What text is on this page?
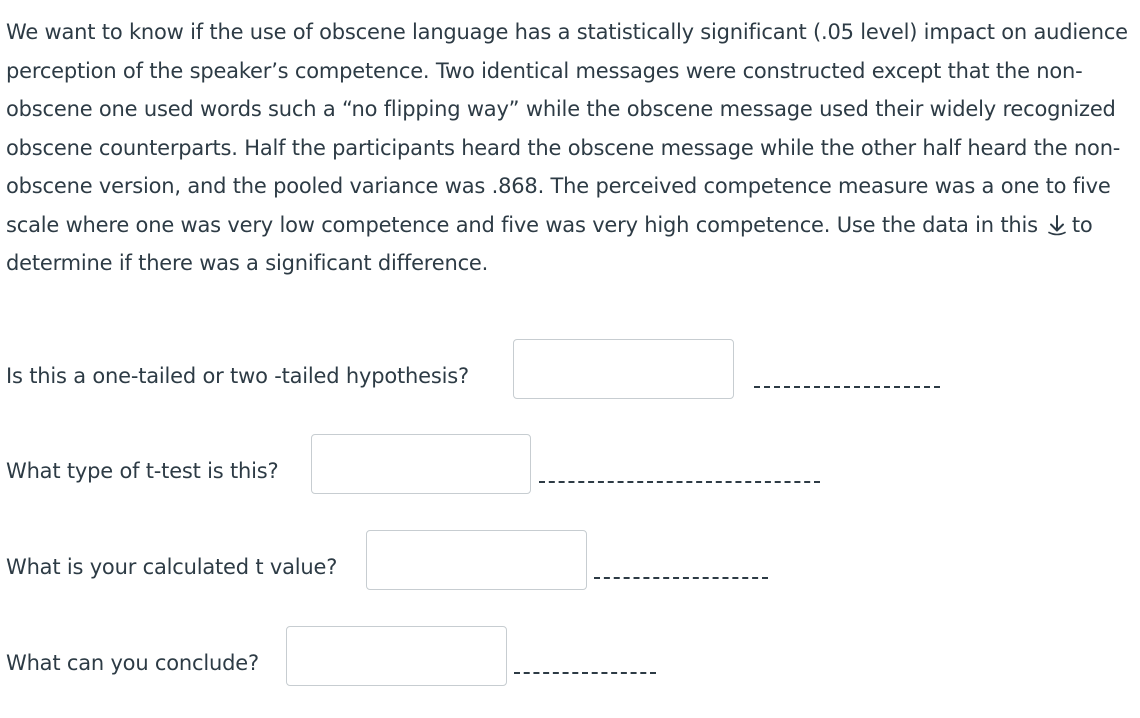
We want to know if the use of obscene language has a statistically significant (.05 level) impact on audience perception of the speaker’s competence. Two identical messages were constructed except that the non-obscene one used words such a “no flipping way” while the obscene message used their widely recognized obscene counterparts. Half the participants heard the obscene message while the other half heard the non-obscene version, and the pooled variance was .868. The perceived competence measure was a one to five scale where one was very low competence and five was very high competence. Use the data in this to determine if there was a significant difference.

Is this a one-tailed or two -tailed hypothesis?
What type of t-test is this?
What is your calculated t value?
What can you conclude?
